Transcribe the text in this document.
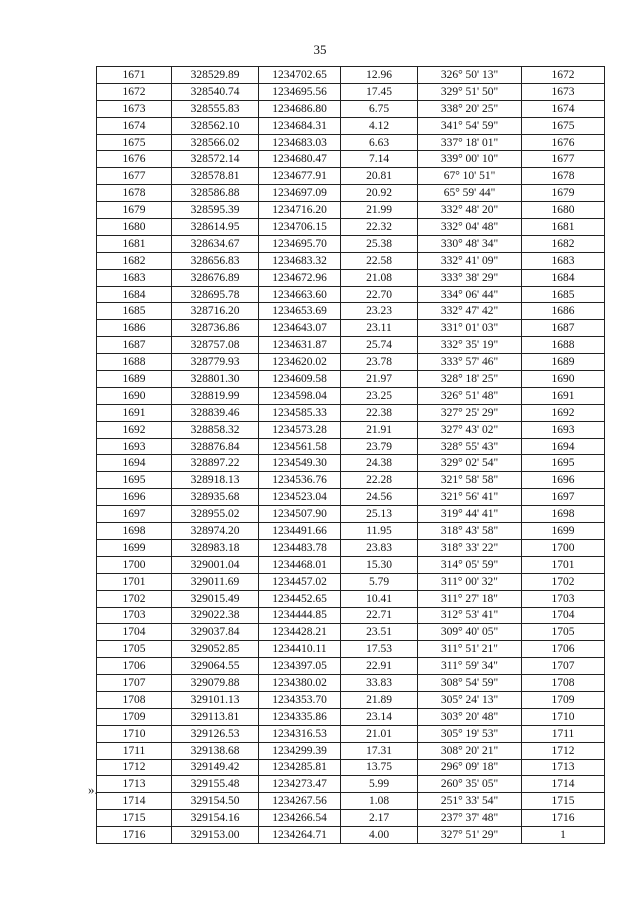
35
1671	328529.89	1234702.65	12.96	326° 50' 13"	1672
1672	328540.74	1234695.56	17.45	329° 51' 50"	1673
1673	328555.83	1234686.80	6.75	338° 20' 25"	1674
1674	328562.10	1234684.31	4.12	341° 54' 59"	1675
1675	328566.02	1234683.03	6.63	337° 18' 01"	1676
1676	328572.14	1234680.47	7.14	339° 00' 10"	1677
1677	328578.81	1234677.91	20.81	67° 10' 51"	1678
1678	328586.88	1234697.09	20.92	65° 59' 44"	1679
1679	328595.39	1234716.20	21.99	332° 48' 20"	1680
1680	328614.95	1234706.15	22.32	332° 04' 48"	1681
1681	328634.67	1234695.70	25.38	330° 48' 34"	1682
1682	328656.83	1234683.32	22.58	332° 41' 09"	1683
1683	328676.89	1234672.96	21.08	333° 38' 29"	1684
1684	328695.78	1234663.60	22.70	334° 06' 44"	1685
1685	328716.20	1234653.69	23.23	332° 47' 42"	1686
1686	328736.86	1234643.07	23.11	331° 01' 03"	1687
1687	328757.08	1234631.87	25.74	332° 35' 19"	1688
1688	328779.93	1234620.02	23.78	333° 57' 46"	1689
1689	328801.30	1234609.58	21.97	328° 18' 25"	1690
1690	328819.99	1234598.04	23.25	326° 51' 48"	1691
1691	328839.46	1234585.33	22.38	327° 25' 29"	1692
1692	328858.32	1234573.28	21.91	327° 43' 02"	1693
1693	328876.84	1234561.58	23.79	328° 55' 43"	1694
1694	328897.22	1234549.30	24.38	329° 02' 54"	1695
1695	328918.13	1234536.76	22.28	321° 58' 58"	1696
1696	328935.68	1234523.04	24.56	321° 56' 41"	1697
1697	328955.02	1234507.90	25.13	319° 44' 41"	1698
1698	328974.20	1234491.66	11.95	318° 43' 58"	1699
1699	328983.18	1234483.78	23.83	318° 33' 22"	1700
1700	329001.04	1234468.01	15.30	314° 05' 59"	1701
1701	329011.69	1234457.02	5.79	311° 00' 32"	1702
1702	329015.49	1234452.65	10.41	311° 27' 18"	1703
1703	329022.38	1234444.85	22.71	312° 53' 41"	1704
1704	329037.84	1234428.21	23.51	309° 40' 05"	1705
1705	329052.85	1234410.11	17.53	311° 51' 21"	1706
1706	329064.55	1234397.05	22.91	311° 59' 34"	1707
1707	329079.88	1234380.02	33.83	308° 54' 59"	1708
1708	329101.13	1234353.70	21.89	305° 24' 13"	1709
1709	329113.81	1234335.86	23.14	303° 20' 48"	1710
1710	329126.53	1234316.53	21.01	305° 19' 53"	1711
1711	329138.68	1234299.39	17.31	308° 20' 21"	1712
1712	329149.42	1234285.81	13.75	296° 09' 18"	1713
1713	329155.48	1234273.47	5.99	260° 35' 05"	1714
1714	329154.50	1234267.56	1.08	251° 33' 54"	1715
1715	329154.16	1234266.54	2.17	237° 37' 48"	1716
1716	329153.00	1234264.71	4.00	327° 51' 29"	1
».
